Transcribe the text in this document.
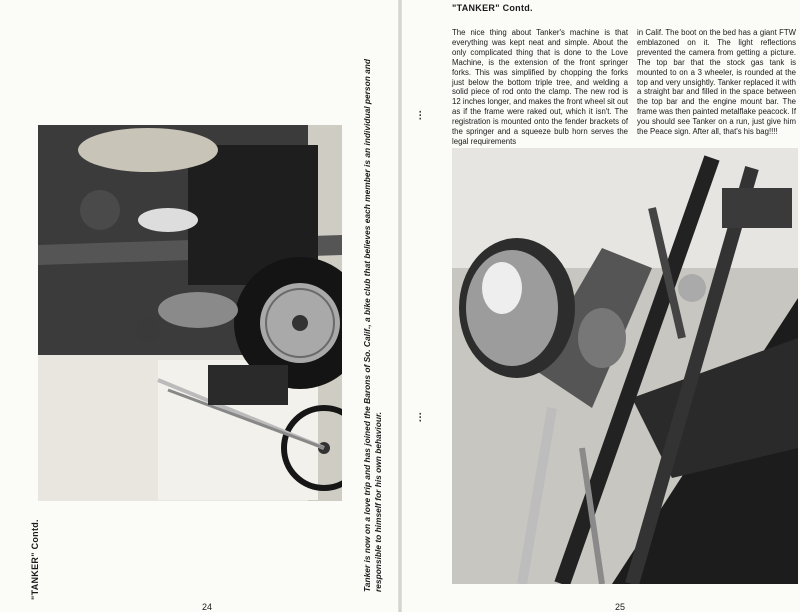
"TANKER" Contd.	Tanker is now on a love trip and has joined the Barons of So. Calif., a bike club that believes each member is an individual person and responsible to himself for his own behaviour.
24
⁝
⁝
"TANKER" Contd.

The nice thing about Tanker's machine is that everything was kept neat and simple. About the only complicated thing that is done to the Love Machine, is the extension of the front springer forks. This was simplified by chopping the forks just below the bottom triple tree, and welding a solid piece of rod onto the clamp. The new rod is 12 inches longer, and makes the front wheel sit out as if the frame were raked out, which it isn't. The registration is mounted onto the fender brackets of the springer and a squeeze bulb horn serves the legal requirements

in Calif. The boot on the bed has a giant FTW emblazoned on it. The light reflections prevented the camera from getting a picture. The top bar that the stock gas tank is mounted to on a 3 wheeler, is rounded at the top and very unsightly. Tanker replaced it with a straight bar and filled in the space between the top bar and the engine mount bar. The frame was then painted metalflake peacock. If you should see Tanker on a run, just give him the Peace sign. After all, that's his bag!!!!

25
